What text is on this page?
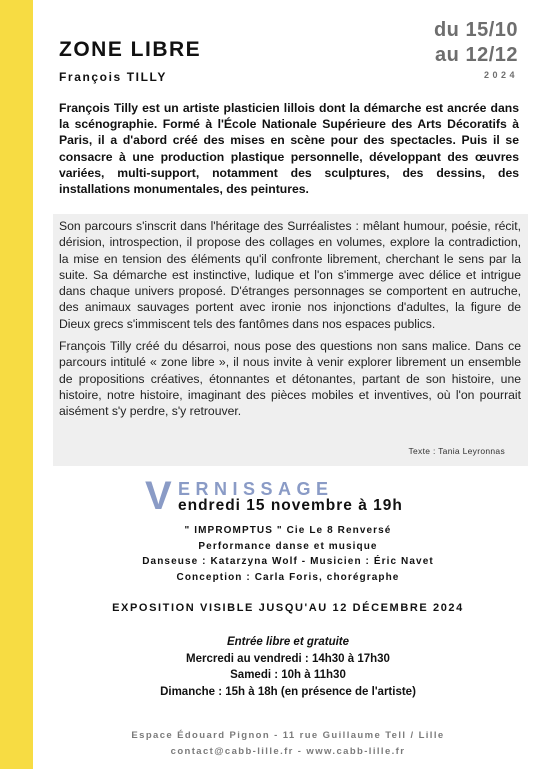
ZONE LIBRE
François TILLY
du 15/10
au 12/12
2024
François Tilly est un artiste plasticien lillois dont la démarche est ancrée dans la scénographie. Formé à l'École Nationale Supérieure des Arts Décoratifs à Paris, il a d'abord créé des mises en scène pour des spectacles. Puis il se consacre à une production plastique personnelle, développant des œuvres variées, multi-support, notamment des sculptures, des dessins, des installations monumentales, des peintures.

Son parcours s'inscrit dans l'héritage des Surréalistes : mêlant humour, poésie, récit, dérision, introspection, il propose des collages en volumes, explore la contradiction, la mise en tension des éléments qu'il confronte librement, cherchant le sens par la suite. Sa démarche est instinctive, ludique et l'on s'immerge avec délice et intrigue dans chaque univers proposé. D'étranges personnages se comportent en autruche, des animaux sauvages portent avec ironie nos injonctions d'adultes, la figure de Dieux grecs s'immiscent tels des fantômes dans nos espaces publics.

François Tilly créé du désarroi, nous pose des questions non sans malice. Dans ce parcours intitulé « zone libre », il nous invite à venir explorer librement un ensemble de propositions créatives, étonnantes et détonantes, partant de son histoire, une histoire, notre histoire, imaginant des pièces mobiles et inventives, où l'on pourrait aisément s'y perdre, s'y retrouver.

Texte : Tania Leyronnas
V ERNISSAGE
endredi 15 novembre à 19h
" IMPROMPTUS " Cie Le 8 Renversé
Performance danse et musique
Danseuse : Katarzyna Wolf - Musicien : Éric Navet
Conception : Carla Foris, chorégraphe
EXPOSITION VISIBLE JUSQU'AU 12 DÉCEMBRE 2024
Entrée libre et gratuite
Mercredi au vendredi : 14h30 à 17h30
Samedi : 10h à 11h30
Dimanche : 15h à 18h (en présence de l'artiste)
Espace Édouard Pignon - 11 rue Guillaume Tell / Lille
contact@cabb-lille.fr - www.cabb-lille.fr
